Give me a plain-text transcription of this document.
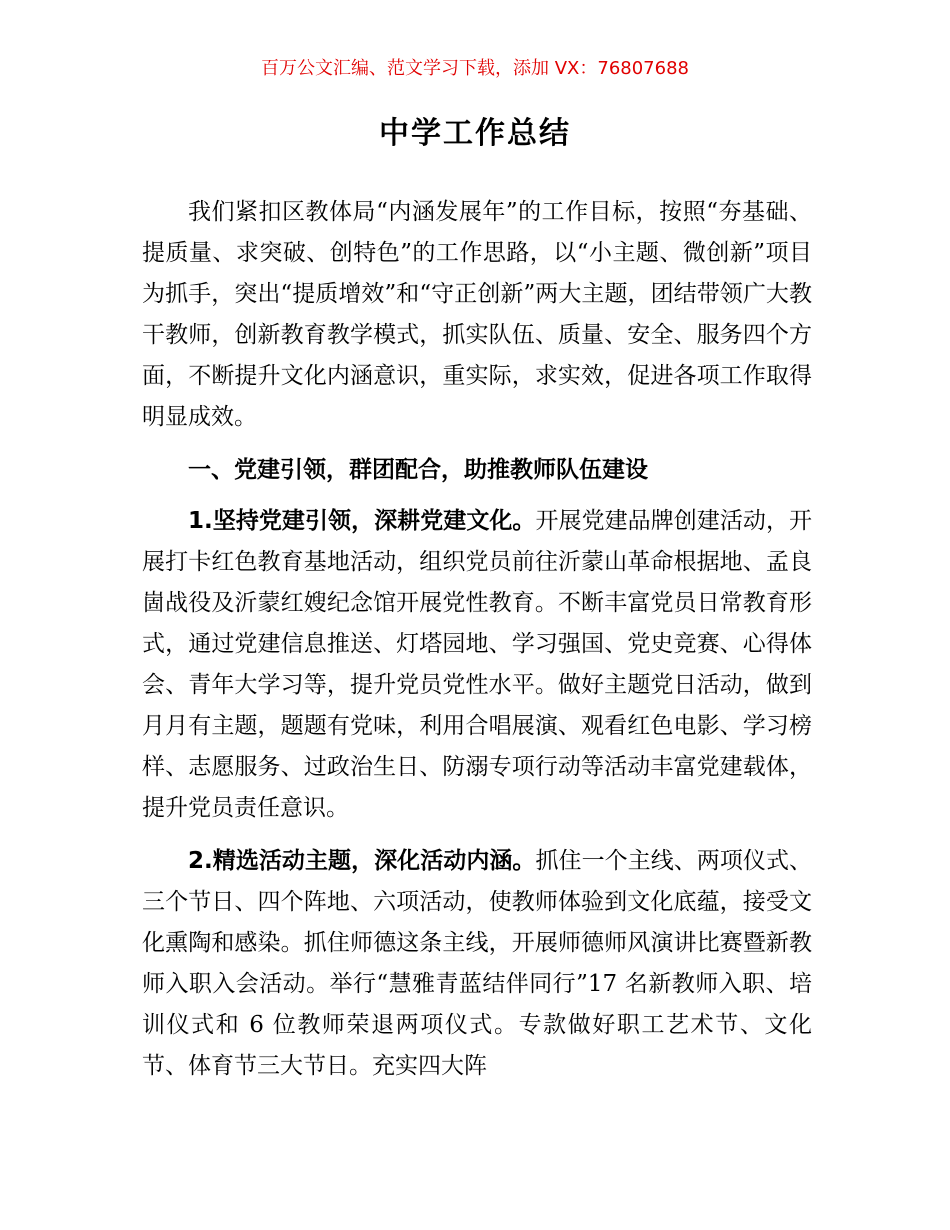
百万公文汇编、范文学习下载，添加 VX：76807688
中学工作总结

我们紧扣区教体局“内涵发展年”的工作目标，按照“夯基础、提质量、求突破、创特色”的工作思路，以“小主题、微创新”项目为抓手，突出“提质增效”和“守正创新”两大主题，团结带领广大教干教师，创新教育教学模式，抓实队伍、质量、安全、服务四个方面，不断提升文化内涵意识，重实际，求实效，促进各项工作取得明显成效。

一、党建引领，群团配合，助推教师队伍建设

1.坚持党建引领，深耕党建文化。开展党建品牌创建活动，开展打卡红色教育基地活动，组织党员前往沂蒙山革命根据地、孟良崮战役及沂蒙红嫂纪念馆开展党性教育。不断丰富党员日常教育形式，通过党建信息推送、灯塔园地、学习强国、党史竞赛、心得体会、青年大学习等，提升党员党性水平。做好主题党日活动，做到月月有主题，题题有党味，利用合唱展演、观看红色电影、学习榜样、志愿服务、过政治生日、防溺专项行动等活动丰富党建载体，提升党员责任意识。

2.精选活动主题，深化活动内涵。抓住一个主线、两项仪式、三个节日、四个阵地、六项活动，使教师体验到文化底蕴，接受文化熏陶和感染。抓住师德这条主线，开展师德师风演讲比赛暨新教师入职入会活动。举行“慧雅青蓝结伴同行”17 名新教师入职、培训仪式和 6 位教师荣退两项仪式。专款做好职工艺术节、文化节、体育节三大节日。充实四大阵
